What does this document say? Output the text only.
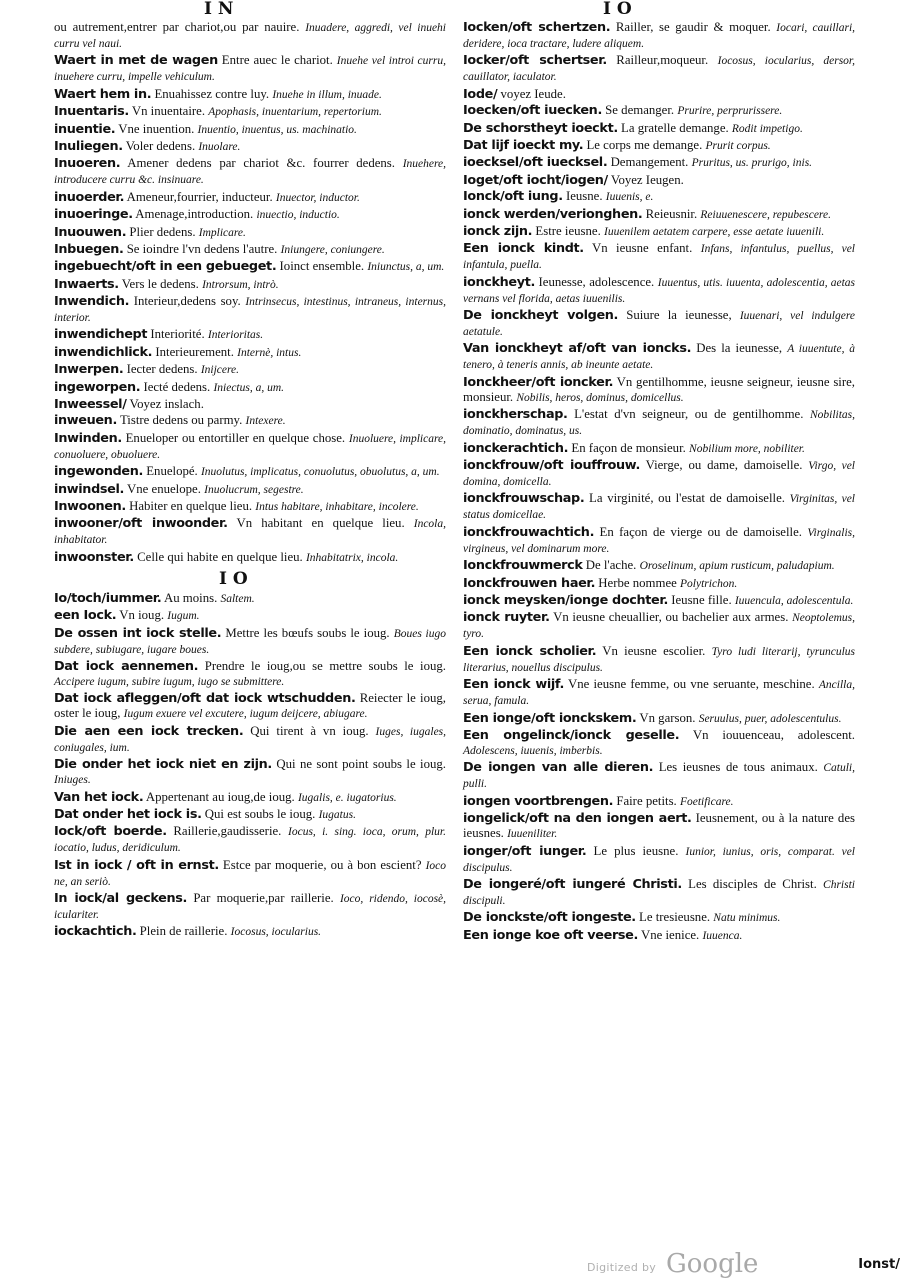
I N
ou autrement,entrer par chariot,ou par nauire. Inuadere, aggredi, vel inuehi curru vel naui.
Waert in met de wagen Entre auec le chariot. Inuehe vel introi curru, inuehere curru, impelle vehiculum.
Waert hem in. Enuahissez contre luy. Inuehe in illum, inuade.
Inuentaris. Vn inuentaire. Apophasis, inuentarium, repertorium.
inuentie. Vne inuention. Inuentio, inuentus, us. machinatio.
Inuliegen. Voler dedens. Inuolare.
Inuoeren. Amener dedens par chariot &c. fourrer dedens. Inuehere, introducere curru &c. insinuare.
inuoerder. Ameneur,fourrier, inducteur. Inuector, inductor.
inuoeringe. Amenage,introduction. inuectio, inductio.
Inuouwen. Plier dedens. Implicare.
Inbuegen. Se ioindre l'vn dedens l'autre. Iniungere, coniungere.
ingebuecht/oft in een gebueget. Ioinct ensemble. Iniunctus, a, um.
Inwaerts. Vers le dedens. Introrsum, intrò.
Inwendich. Interieur,dedens soy. Intrinsecus, intestinus, intraneus, internus, interior.
inwendichept Interiorité. Interioritas.
inwendichlick. Interieurement. Internè, intus.
Inwerpen. Iecter dedens. Inijcere.
ingeworpen. Iecté dedens. Iniectus, a, um.
Inweessel/ Voyez inslach.
inweuen. Tistre dedens ou parmy. Intexere.
Inwinden. Enueloper ou entortiller en quelque chose. Inuoluere, implicare, conuoluere, obuoluere.
ingewonden. Enuelopé. Inuolutus, implicatus, conuolutus, obuolutus, a, um.
inwindsel. Vne enuelope. Inuolucrum, segestre.
Inwoonen. Habiter en quelque lieu. Intus habitare, inhabitare, incolere.
inwooner/oft inwoonder. Vn habitant en quelque lieu. Incola, inhabitator.
inwoonster. Celle qui habite en quelque lieu. Inhabitatrix, incola.
I O
Io/toch/iummer. Au moins. Saltem.
een Iock. Vn ioug. Iugum.
De ossen int iock stelle. Mettre les bœufs soubs le ioug. Boues iugo subdere, subiugare, iugare boues.
Dat iock aennemen. Prendre le ioug,ou se mettre soubs le ioug. Accipere iugum, subire iugum, iugo se submittere.
Dat iock afleggen/oft dat iock wtschudden. Reiecter le ioug, oster le ioug, Iugum exuere vel excutere, iugum deijcere, abiugare.
Die aen een iock trecken. Qui tirent à vn ioug. Iuges, iugales, coniugales, ium.
Die onder het iock niet en zijn. Qui ne sont point soubs le ioug. Iniuges.
Van het iock. Appertenant au ioug,de ioug. Iugalis, e. iugatorius.
Dat onder het iock is. Qui est soubs le ioug. Iugatus.
Iock/oft boerde. Raillerie,gaudisserie. Iocus, i. sing. ioca, orum, plur. iocatio, ludus, deridiculum.
Ist in iock / oft in ernst. Estce par moquerie, ou à bon escient? Ioco ne, an seriò.
In iock/al geckens. Par moquerie,par raillerie. Ioco, ridendo, iocosè, iculariter.
iockachtich. Plein de raillerie. Iocosus, iocularius.
I O
Iocken/oft schertzen. Railler, se gaudir & moquer. Iocari, cauillari, deridere, ioca tractare, ludere aliquem.
Iocker/oft schertser. Railleur,moqueur. Iocosus, iocularius, dersor, cauillator, iaculator.
Iode/ voyez Ieude.
Ioecken/oft iuecken. Se demanger. Prurire, perprurissere.
De schorstheyt ioeckt. La gratelle demange. Rodit impetigo.
Dat lijf ioeckt my. Le corps me demange. Prurit corpus.
ioecksel/oft iuecksel. Demangement. Pruritus, us. prurigo, inis.
Ioget/oft iocht/iogen/ Voyez Ieugen.
Ionck/oft iung. Ieusne. Iuuenis, e.
ionck werden/verionghen. Reieusnir. Reiuuenescere, repubescere.
ionck zijn. Estre ieusne. Iuuenilem aetatem carpere, esse aetate iuuenili.
Een ionck kindt. Vn ieusne enfant. Infans, infantulus, puellus, vel infantula, puella.
ionckheyt. Ieunesse, adolescence. Iuuentus, utis. iuuenta, adolescentia, aetas vernans vel florida, aetas iuuenilis.
De ionckheyt volgen. Suiure la ieunesse, Iuuenari, vel indulgere aetatule.
Van ionckheyt af/oft van ioncks. Des la ieunesse, A iuuentute, à tenero, à teneris annis, ab ineunte aetate.
Ionckheer/oft ioncker. Vn gentilhomme, ieusne seigneur, ieusne sire, monsieur. Nobilis, heros, dominus, domicellus.
ionckherschap. L'estat d'vn seigneur, ou de gentilhomme. Nobilitas, dominatio, dominatus, us.
ionckerachtich. En façon de monsieur. Nobilium more, nobiliter.
ionckfrouw/oft iouffrouw. Vierge, ou dame, damoiselle. Virgo, vel domina, domicella.
ionckfrouwschap. La virginité, ou l'estat de damoiselle. Virginitas, vel status domicellae.
ionckfrouwachtich. En façon de vierge ou de damoiselle. Virginalis, virgineus, vel dominarum more.
Ionckfrouwmerck De l'ache. Oroselinum, apium rusticum, paludapium.
Ionckfrouwen haer. Herbe nommee Polytrichon.
ionck meysken/ionge dochter. Ieusne fille. Iuuencula, adolescentula.
ionck ruyter. Vn ieusne cheuallier, ou bachelier aux armes. Neoptolemus, tyro.
Een ionck scholier. Vn ieusne escolier. Tyro ludi literarij, tyrunculus literarius, nouellus discipulus.
Een ionck wijf. Vne ieusne femme, ou vne seruante, meschine. Ancilla, serua, famula.
Een ionge/oft ionckskem. Vn garson. Seruulus, puer, adolescentulus.
Een ongelinck/ionck geselle. Vn iouuenceau, adolescent. Adolescens, iuuenis, imberbis.
De iongen van alle dieren. Les ieusnes de tous animaux. Catuli, pulli.
iongen voortbrengen. Faire petits. Foetificare.
iongelick/oft na den iongen aert. Ieusnement, ou à la nature des ieusnes. Iuueniliter.
ionger/oft iunger. Le plus ieusne. Iunior, iunius, oris, comparat. vel discipulus.
De iongeré/oft iungeré Christi. Les disciples de Christ. Christi discipuli.
De ionckste/oft iongeste. Le tresieusne. Natu minimus.
Een ionge koe oft veerse. Vne ienice. Iuuenca.
Digitized by Google	Ionst/
